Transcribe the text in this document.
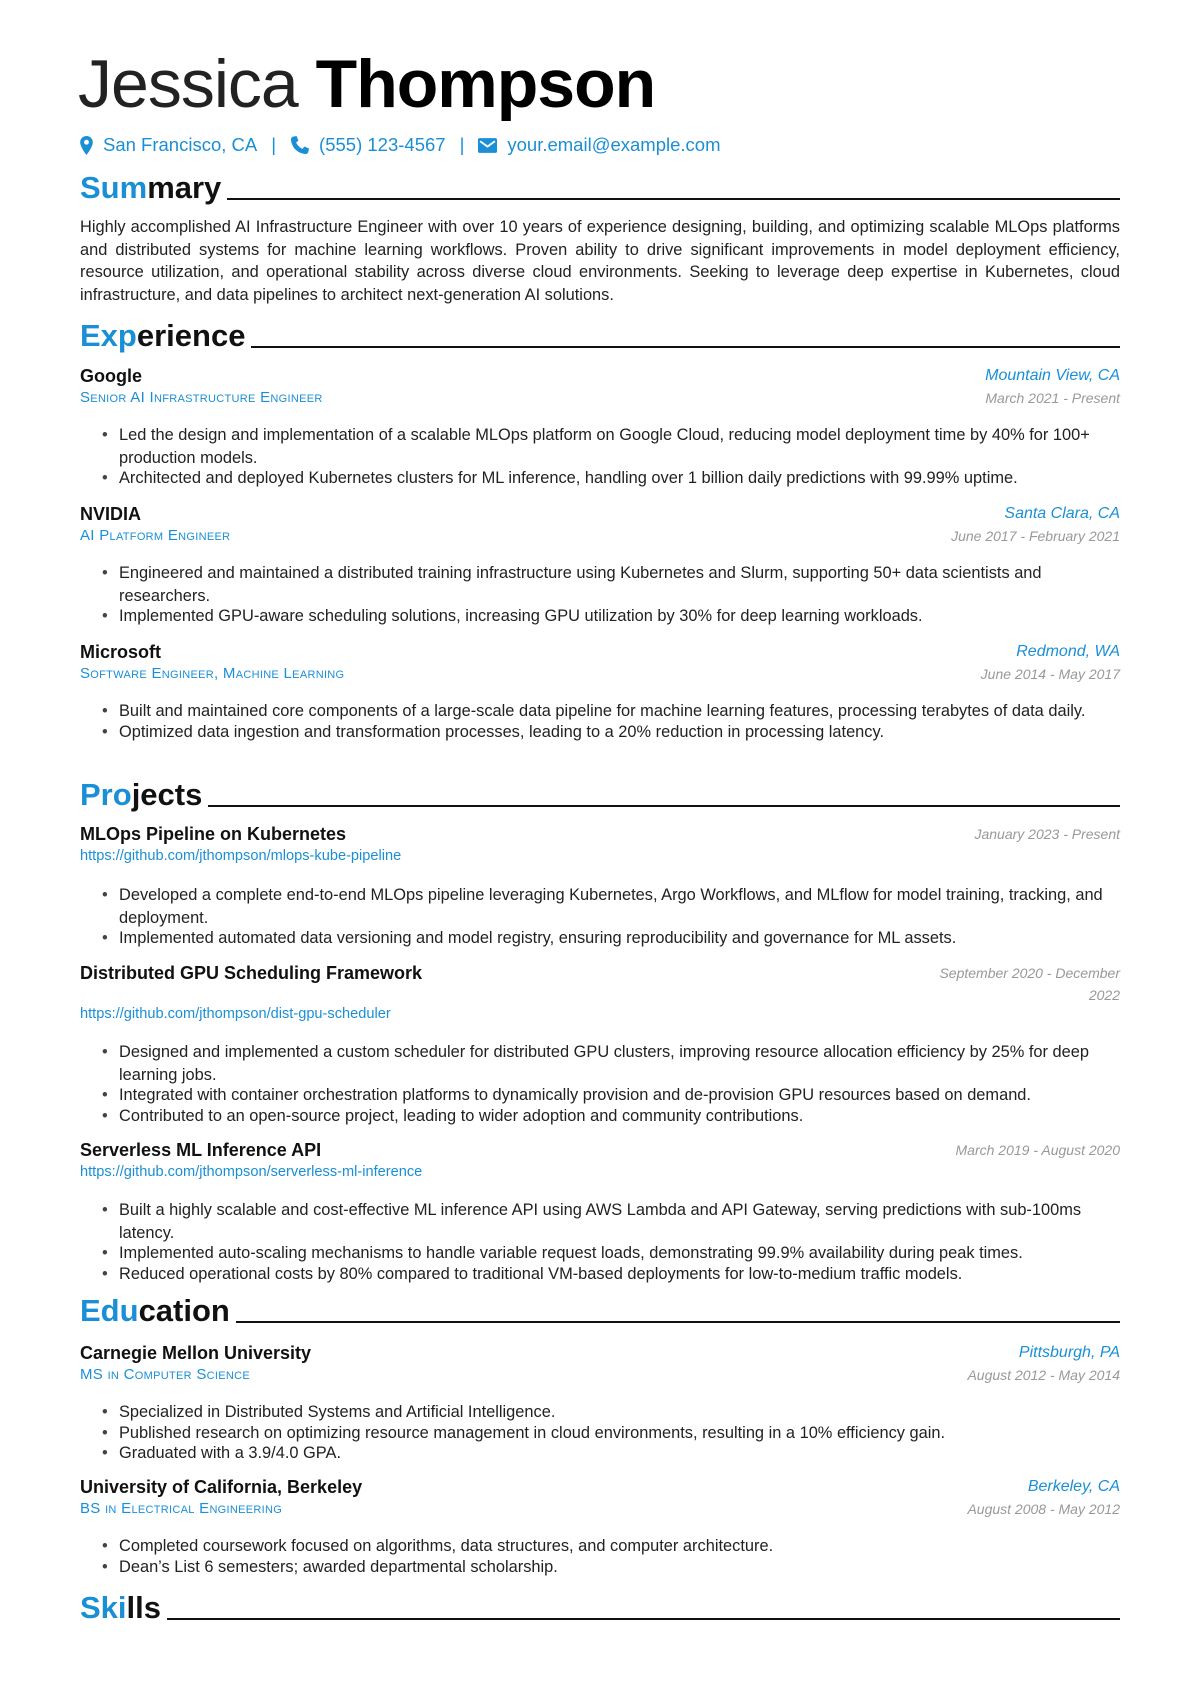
Jessica Thompson
San Francisco, CA | (555) 123-4567 | your.email@example.com
Summary
Highly accomplished AI Infrastructure Engineer with over 10 years of experience designing, building, and optimizing scalable MLOps platforms and distributed systems for machine learning workflows. Proven ability to drive significant improvements in model deployment efficiency, resource utilization, and operational stability across diverse cloud environments. Seeking to leverage deep expertise in Kubernetes, cloud infrastructure, and data pipelines to architect next-generation AI solutions.
Experience
Google
Senior AI Infrastructure Engineer
Mountain View, CA
March 2021 - Present
• Led the design and implementation of a scalable MLOps platform on Google Cloud, reducing model deployment time by 40% for 100+ production models.
• Architected and deployed Kubernetes clusters for ML inference, handling over 1 billion daily predictions with 99.99% uptime.
NVIDIA
AI Platform Engineer
Santa Clara, CA
June 2017 - February 2021
• Engineered and maintained a distributed training infrastructure using Kubernetes and Slurm, supporting 50+ data scientists and researchers.
• Implemented GPU-aware scheduling solutions, increasing GPU utilization by 30% for deep learning workloads.
Microsoft
Software Engineer, Machine Learning
Redmond, WA
June 2014 - May 2017
• Built and maintained core components of a large-scale data pipeline for machine learning features, processing terabytes of data daily.
• Optimized data ingestion and transformation processes, leading to a 20% reduction in processing latency.
Projects
MLOps Pipeline on Kubernetes
https://github.com/jthompson/mlops-kube-pipeline
January 2023 - Present
• Developed a complete end-to-end MLOps pipeline leveraging Kubernetes, Argo Workflows, and MLflow for model training, tracking, and deployment.
• Implemented automated data versioning and model registry, ensuring reproducibility and governance for ML assets.
Distributed GPU Scheduling Framework
https://github.com/jthompson/dist-gpu-scheduler
September 2020 - December
2022
• Designed and implemented a custom scheduler for distributed GPU clusters, improving resource allocation efficiency by 25% for deep learning jobs.
• Integrated with container orchestration platforms to dynamically provision and de-provision GPU resources based on demand.
• Contributed to an open-source project, leading to wider adoption and community contributions.
Serverless ML Inference API
https://github.com/jthompson/serverless-ml-inference
March 2019 - August 2020
• Built a highly scalable and cost-effective ML inference API using AWS Lambda and API Gateway, serving predictions with sub-100ms latency.
• Implemented auto-scaling mechanisms to handle variable request loads, demonstrating 99.9% availability during peak times.
• Reduced operational costs by 80% compared to traditional VM-based deployments for low-to-medium traffic models.
Education
Carnegie Mellon University
MS in Computer Science
Pittsburgh, PA
August 2012 - May 2014
• Specialized in Distributed Systems and Artificial Intelligence.
• Published research on optimizing resource management in cloud environments, resulting in a 10% efficiency gain.
• Graduated with a 3.9/4.0 GPA.
University of California, Berkeley
BS in Electrical Engineering
Berkeley, CA
August 2008 - May 2012
• Completed coursework focused on algorithms, data structures, and computer architecture.
• Dean’s List 6 semesters; awarded departmental scholarship.
Skills
